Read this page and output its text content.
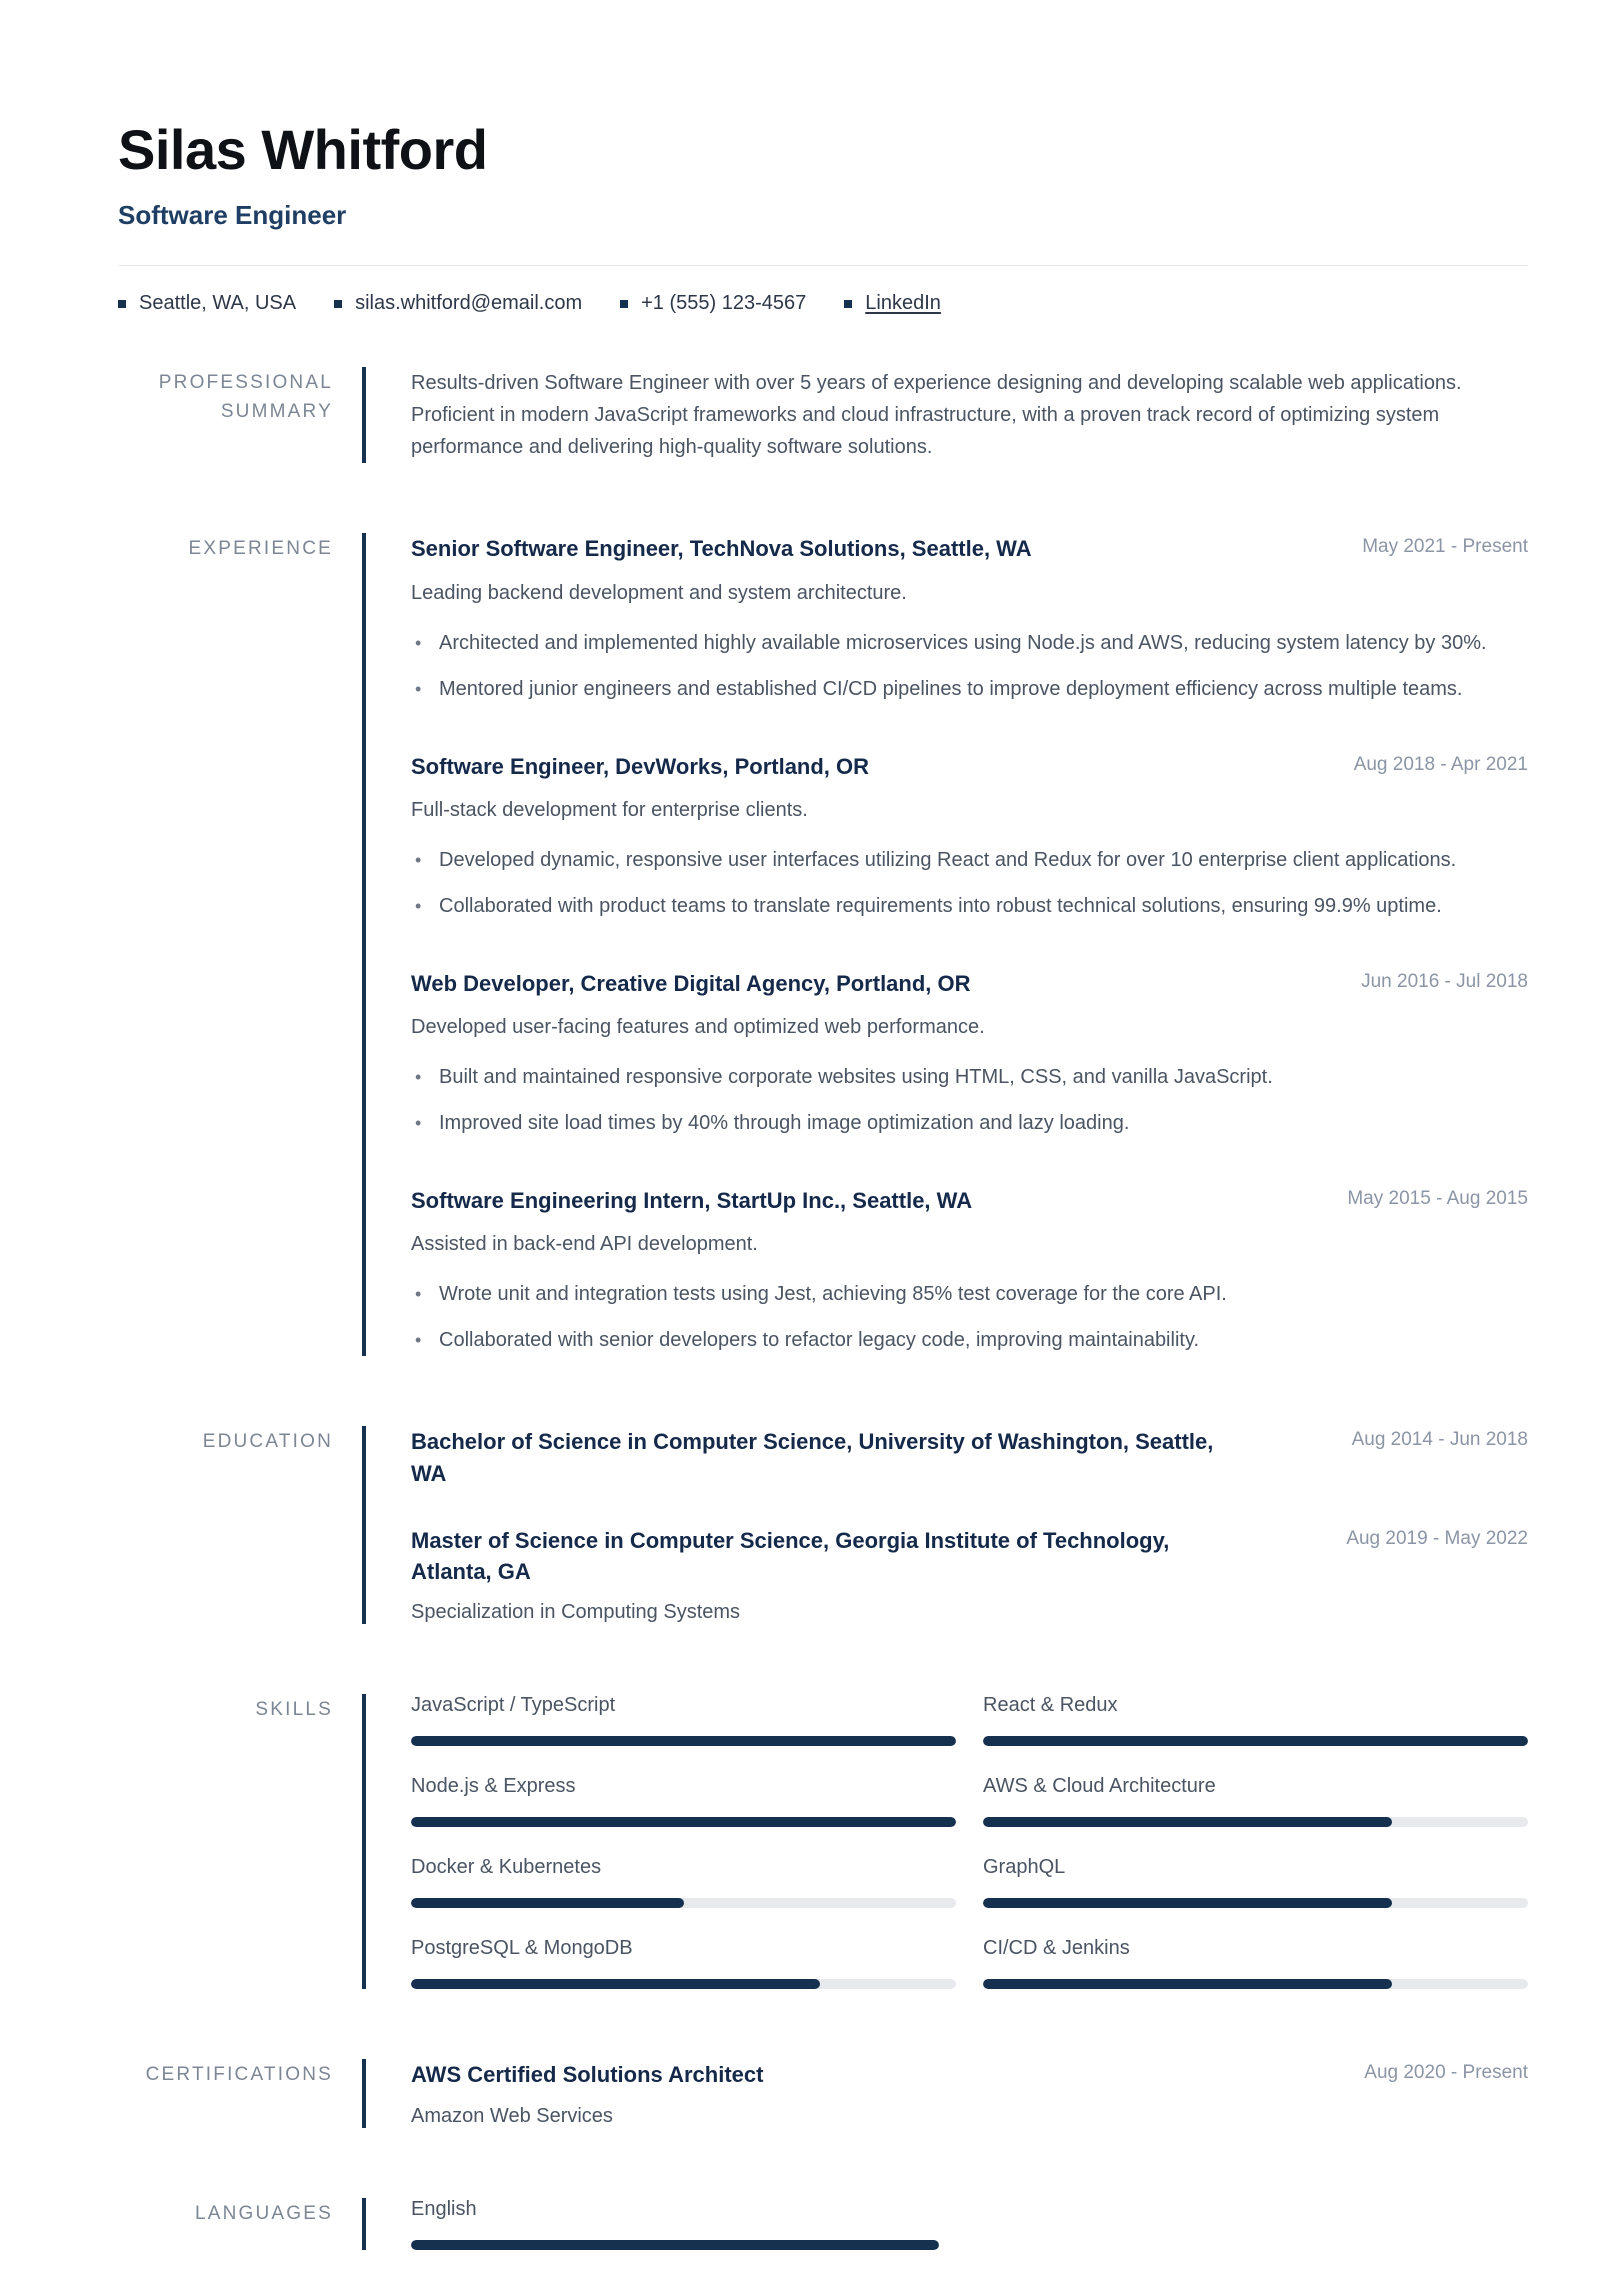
Silas Whitford
Software Engineer
Seattle, WA, USA	silas.whitford@email.com	+1 (555) 123-4567	LinkedIn
PROFESSIONAL SUMMARY

Results-driven Software Engineer with over 5 years of experience designing and developing scalable web applications. Proficient in modern JavaScript frameworks and cloud infrastructure, with a proven track record of optimizing system performance and delivering high-quality software solutions.

EXPERIENCE	Senior Software Engineer, TechNova Solutions, Seattle, WA	May 2021 - Present
Leading backend development and system architecture.
• Architected and implemented highly available microservices using Node.js and AWS, reducing system latency by 30%.
• Mentored junior engineers and established CI/CD pipelines to improve deployment efficiency across multiple teams.
Software Engineer, DevWorks, Portland, OR	Aug 2018 - Apr 2021
Full-stack development for enterprise clients.
• Developed dynamic, responsive user interfaces utilizing React and Redux for over 10 enterprise client applications.
• Collaborated with product teams to translate requirements into robust technical solutions, ensuring 99.9% uptime.
Web Developer, Creative Digital Agency, Portland, OR	Jun 2016 - Jul 2018
Developed user-facing features and optimized web performance.
• Built and maintained responsive corporate websites using HTML, CSS, and vanilla JavaScript.
• Improved site load times by 40% through image optimization and lazy loading.
Software Engineering Intern, StartUp Inc., Seattle, WA	May 2015 - Aug 2015
Assisted in back-end API development.
• Wrote unit and integration tests using Jest, achieving 85% test coverage for the core API.
• Collaborated with senior developers to refactor legacy code, improving maintainability.
EDUCATION	Bachelor of Science in Computer Science, University of Washington, Seattle, WA
Aug 2014 - Jun 2018
Master of Science in Computer Science, Georgia Institute of Technology, Atlanta, GA
Aug 2019 - May 2022
Specialization in Computing Systems
SKILLS	JavaScript / TypeScript	React & Redux
Node.js & Express	AWS & Cloud Architecture
Docker & Kubernetes	GraphQL
PostgreSQL & MongoDB	CI/CD & Jenkins
CERTIFICATIONS	AWS Certified Solutions Architect	Aug 2020 - Present
Amazon Web Services
LANGUAGES	English
